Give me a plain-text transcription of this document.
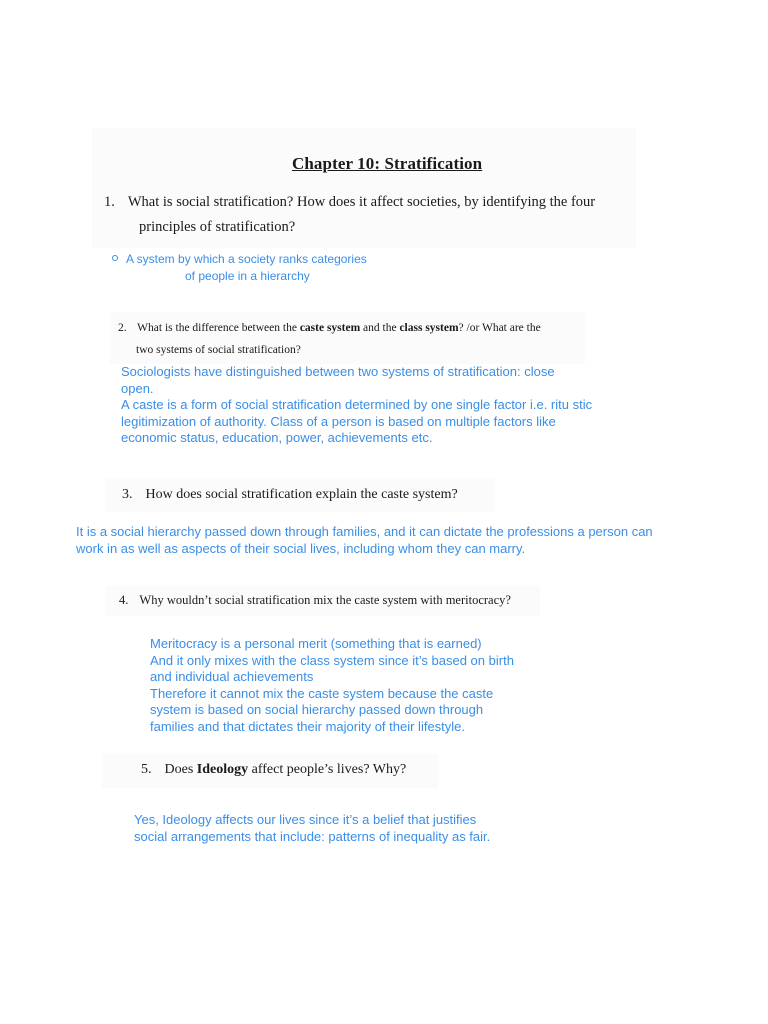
Chapter 10: Stratification
1. What is social stratification? How does it affect societies, by identifying the four
principles of stratification?
A system by which a society ranks categories
of people in a hierarchy
2. What is the difference between the caste system and the class system? /or What are the
two systems of social stratification?
Sociologists have distinguished between two systems of stratification: close
open.
A caste is a form of social stratification determined by one single factor i.e. ritu stic
legitimization of authority. Class of a person is based on multiple factors like
economic status, education, power, achievements etc.
3. How does social stratification explain the caste system?
It is a social hierarchy passed down through families, and it can dictate the professions a person can
work in as well as aspects of their social lives, including whom they can marry.
4. Why wouldn’t social stratification mix the caste system with meritocracy?
Meritocracy is a personal merit (something that is earned)
And it only mixes with the class system since it’s based on birth
and individual achievements
Therefore it cannot mix the caste system because the caste
system is based on social hierarchy passed down through
families and that dictates their majority of their lifestyle.
5. Does Ideology affect people’s lives? Why?
Yes, Ideology affects our lives since it’s a belief that justifies
social arrangements that include: patterns of inequality as fair.
